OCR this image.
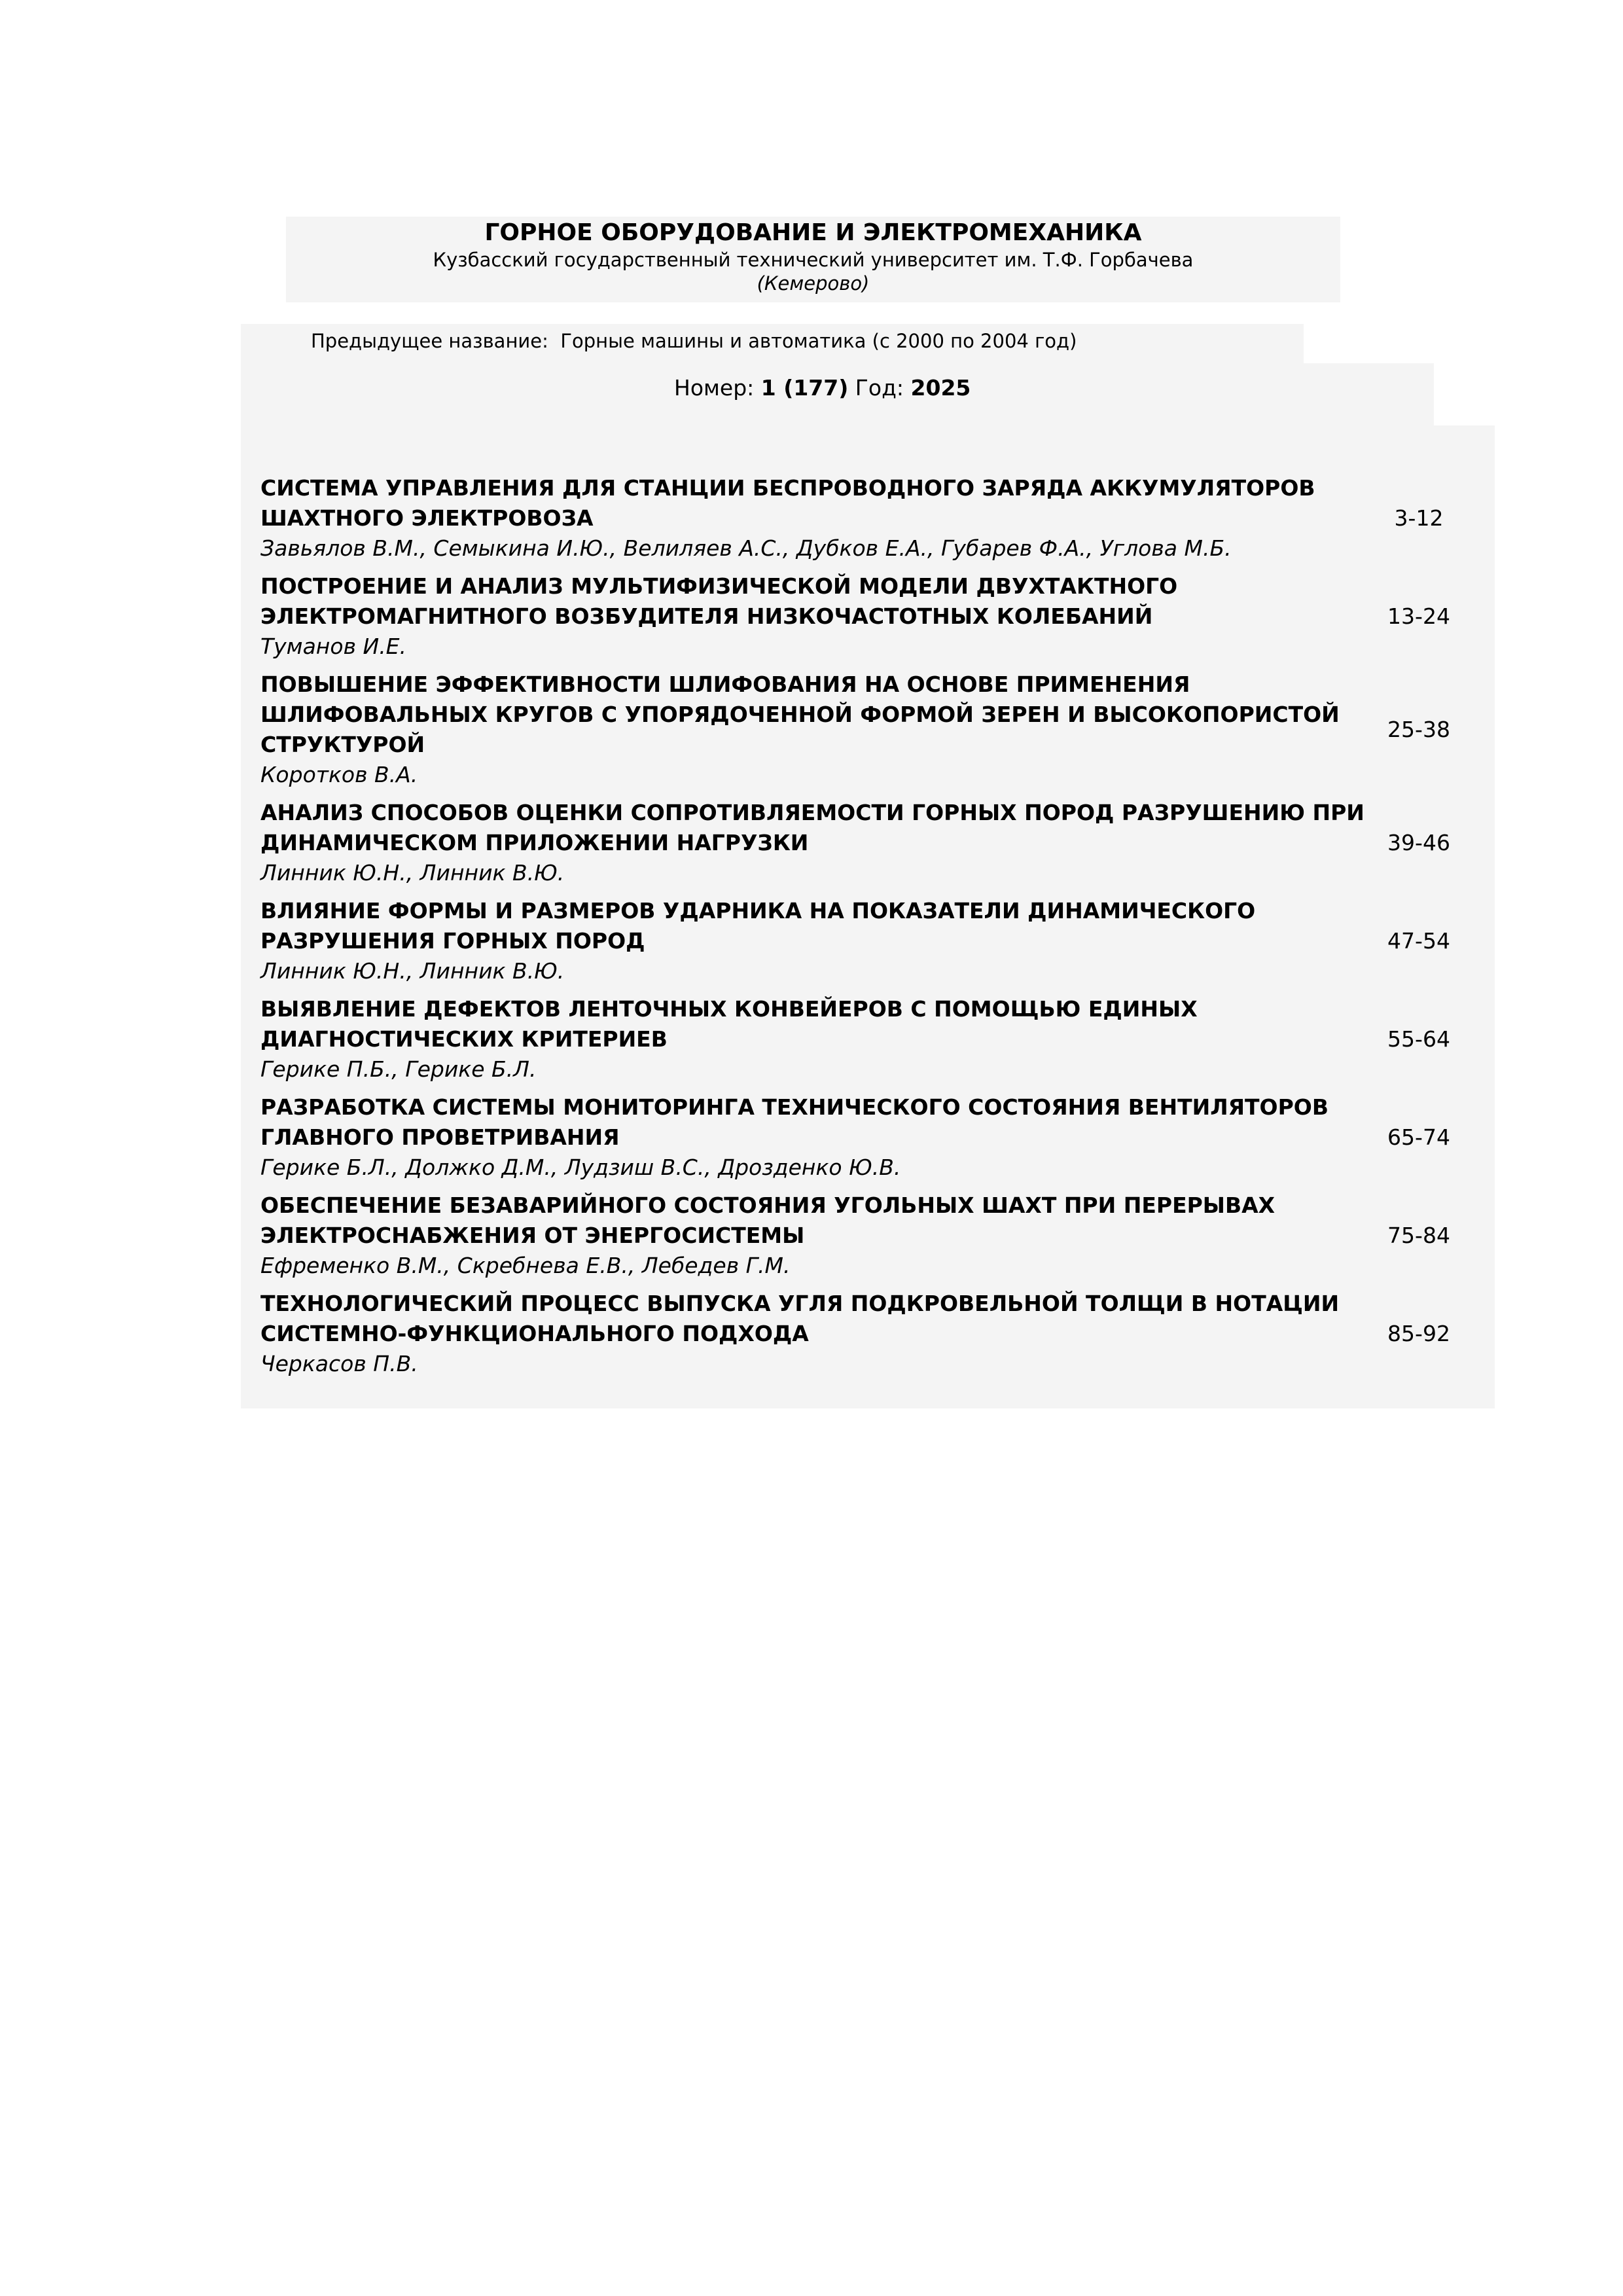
ГОРНОЕ ОБОРУДОВАНИЕ И ЭЛЕКТРОМЕХАНИКА
Кузбасский государственный технический университет им. Т.Ф. Горбачева
(Кемерово)
Предыдущее название: Горные машины и автоматика (с 2000 по 2004 год)
Номер: 1 (177) Год: 2025
СИСТЕМА УПРАВЛЕНИЯ ДЛЯ СТАНЦИИ БЕСПРОВОДНОГО ЗАРЯДА АККУМУЛЯТОРОВ ШАХТНОГО ЭЛЕКТРОВОЗА
Завьялов В.М., Семыкина И.Ю., Велиляев А.С., Дубков Е.А., Губарев Ф.А., Углова М.Б.
3-12
ПОСТРОЕНИЕ И АНАЛИЗ МУЛЬТИФИЗИЧЕСКОЙ МОДЕЛИ ДВУХТАКТНОГО ЭЛЕКТРОМАГНИТНОГО ВОЗБУДИТЕЛЯ НИЗКОЧАСТОТНЫХ КОЛЕБАНИЙ
Туманов И.Е.
13-24
ПОВЫШЕНИЕ ЭФФЕКТИВНОСТИ ШЛИФОВАНИЯ НА ОСНОВЕ ПРИМЕНЕНИЯ ШЛИФОВАЛЬНЫХ КРУГОВ С УПОРЯДОЧЕННОЙ ФОРМОЙ ЗЕРЕН И ВЫСОКОПОРИСТОЙ СТРУКТУРОЙ
Коротков В.А.
25-38
АНАЛИЗ СПОСОБОВ ОЦЕНКИ СОПРОТИВЛЯЕМОСТИ ГОРНЫХ ПОРОД РАЗРУШЕНИЮ ПРИ ДИНАМИЧЕСКОМ ПРИЛОЖЕНИИ НАГРУЗКИ
Линник Ю.Н., Линник В.Ю.
39-46
ВЛИЯНИЕ ФОРМЫ И РАЗМЕРОВ УДАРНИКА НА ПОКАЗАТЕЛИ ДИНАМИЧЕСКОГО РАЗРУШЕНИЯ ГОРНЫХ ПОРОД
Линник Ю.Н., Линник В.Ю.
47-54
ВЫЯВЛЕНИЕ ДЕФЕКТОВ ЛЕНТОЧНЫХ КОНВЕЙЕРОВ С ПОМОЩЬЮ ЕДИНЫХ ДИАГНОСТИЧЕСКИХ КРИТЕРИЕВ
Герике П.Б., Герике Б.Л.
55-64
РАЗРАБОТКА СИСТЕМЫ МОНИТОРИНГА ТЕХНИЧЕСКОГО СОСТОЯНИЯ ВЕНТИЛЯТОРОВ ГЛАВНОГО ПРОВЕТРИВАНИЯ
Герике Б.Л., Должко Д.М., Лудзиш В.С., Дрозденко Ю.В.
65-74
ОБЕСПЕЧЕНИЕ БЕЗАВАРИЙНОГО СОСТОЯНИЯ УГОЛЬНЫХ ШАХТ ПРИ ПЕРЕРЫВАХ ЭЛЕКТРОСНАБЖЕНИЯ ОТ ЭНЕРГОСИСТЕМЫ
Ефременко В.М., Скребнева Е.В., Лебедев Г.М.
75-84
ТЕХНОЛОГИЧЕСКИЙ ПРОЦЕСС ВЫПУСКА УГЛЯ ПОДКРОВЕЛЬНОЙ ТОЛЩИ В НОТАЦИИ СИСТЕМНО-ФУНКЦИОНАЛЬНОГО ПОДХОДА
Черкасов П.В.
85-92
